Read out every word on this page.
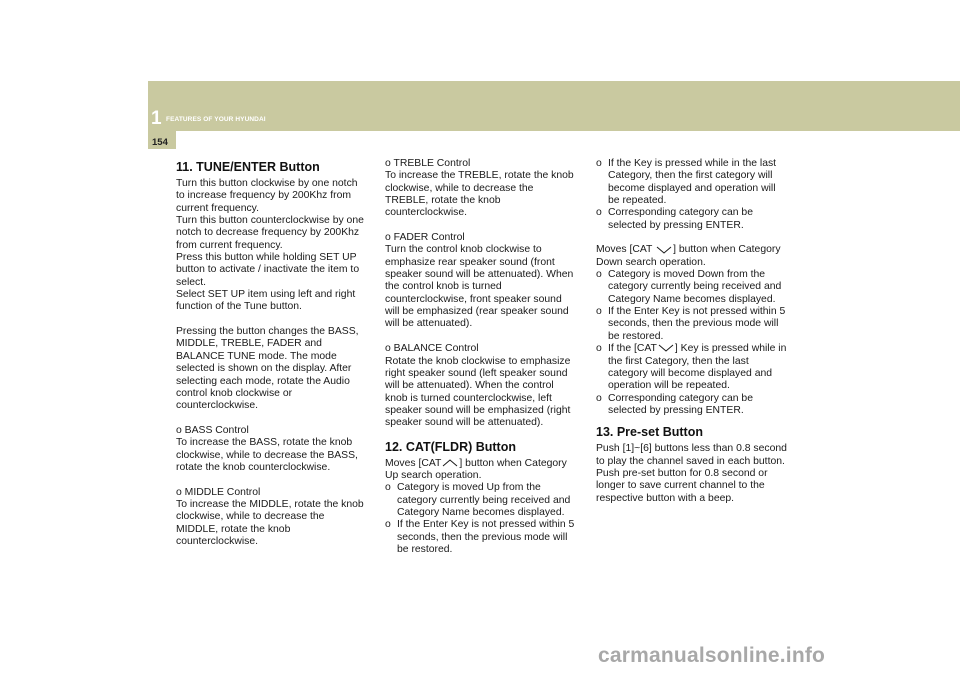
1 FEATURES OF YOUR HYUNDAI
154
11. TUNE/ENTER Button

Turn this button clockwise by one notch to increase frequency by 200Khz from current frequency.

Turn this button counterclockwise by one notch to decrease frequency by 200Khz from current frequency.

Press this button while holding SET UP button to activate / inactivate the item to select.

Select SET UP item using left and right function of the Tune button.

Pressing the button changes the BASS, MIDDLE, TREBLE, FADER and BALANCE TUNE mode. The mode selected is shown on the display. After selecting each mode, rotate the Audio control knob clockwise or counterclockwise.

o BASS Control
To increase the BASS, rotate the knob clockwise, while to decrease the BASS, rotate the knob counterclockwise.
o MIDDLE Control
To increase the MIDDLE, rotate the knob clockwise, while to decrease the MIDDLE, rotate the knob counterclockwise.
o TREBLE Control
To increase the TREBLE, rotate the knob clockwise, while to decrease the TREBLE, rotate the knob counterclockwise.
o FADER Control
Turn the control knob clockwise to emphasize rear speaker sound (front speaker sound will be attenuated). When the control knob is turned counterclockwise, front speaker sound will be emphasized (rear speaker sound will be attenuated).
o BALANCE Control
Rotate the knob clockwise to emphasize right speaker sound (left speaker sound will be attenuated). When the control knob is turned counterclockwise, left speaker sound will be emphasized (right speaker sound will be attenuated).
12. CAT(FLDR) Button
Moves [CAT ] button when Category Up search operation.
o Category is moved Up from the category currently being received and Category Name becomes displayed.
o If the Enter Key is not pressed within 5 seconds, then the previous mode will be restored.
o If the Key is pressed while in the last Category, then the first category will become displayed and operation will be repeated.
o Corresponding category can be selected by pressing ENTER.
Moves [CAT ] button when Category Down search operation.
o Category is moved Down from the category currently being received and Category Name becomes displayed.
o If the Enter Key is not pressed within 5 seconds, then the previous mode will be restored.
o If the [CAT ] Key is pressed while in the first Category, then the last category will become displayed and operation will be repeated.
o Corresponding category can be selected by pressing ENTER.
13. Pre-set Button

Push [1]~[6] buttons less than 0.8 second to play the channel saved in each button. Push pre-set button for 0.8 second or longer to save current channel to the respective button with a beep.

carmanualsonline.info
